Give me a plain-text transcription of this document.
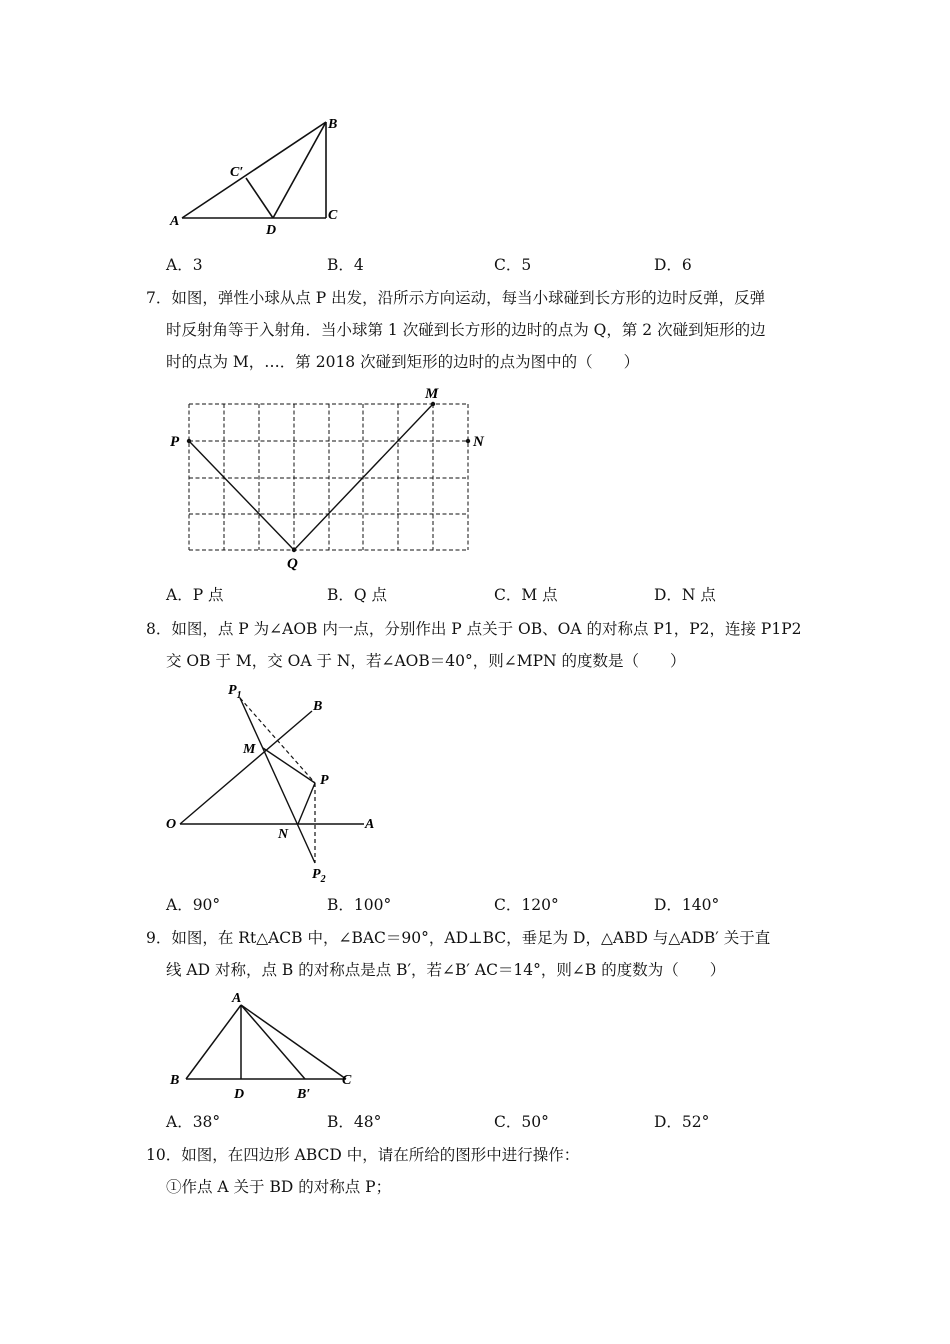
B
C′
A
D
C
A．3	B．4	C．5	D．6
7．如图，弹性小球从点 P 出发，沿所示方向运动，每当小球碰到长方形的边时反弹，反弹
时反射角等于入射角．当小球第 1 次碰到长方形的边时的点为 Q，第 2 次碰到矩形的边
时的点为 M，…．第 2018 次碰到矩形的边时的点为图中的（　　）
P	N
M
Q
A．P 点	B．Q 点	C．M 点	D．N 点
8．如图，点 P 为∠AOB 内一点，分别作出 P 点关于 OB、OA 的对称点 P1，P2，连接 P1P2
交 OB 于 M，交 OA 于 N，若∠AOB＝40°，则∠MPN 的度数是（　　）
$P_1$
B
M
P
O
N
A
$P_2$
A．90°	B．100°	C．120°	D．140°
9．如图，在 Rt△ACB 中，∠BAC＝90°，AD⊥BC，垂足为 D，△ABD 与△ADB′ 关于直
线 AD 对称，点 B 的对称点是点 B′，若∠B′ AC＝14°，则∠B 的度数为（　　）
A
B
D	B′
C
A．38°	B．48°	C．50°	D．52°
10．如图，在四边形 ABCD 中，请在所给的图形中进行操作：
①作点 A 关于 BD 的对称点 P；
